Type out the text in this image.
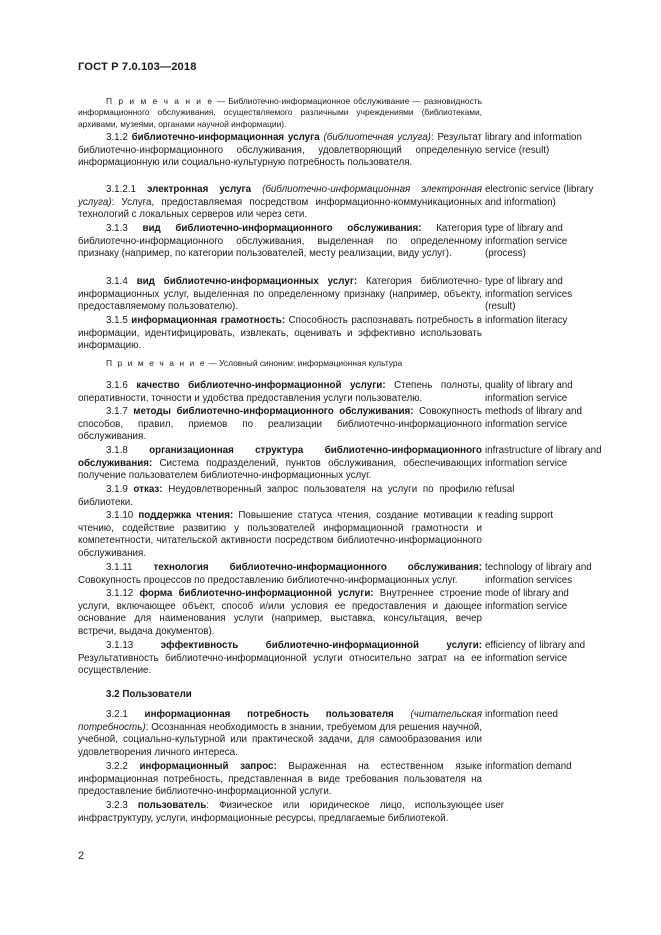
ГОСТ Р 7.0.103—2018
П р и м е ч а н и е — Библиотечно-информационное обслуживание — разновидность информационного обслуживания, осуществляемого различными учреждениями (библиотеками, архивами, музеями, органами научной информации).

3.1.2 библиотечно-информационная услуга (библиотечная услуга): Результат библиотечно-информационного обслуживания, удовлетворяющий определенную информационную или социально-культурную потребность пользователя.

library and information service (result)

3.1.2.1 электронная услуга (библиотечно-информационная электронная услуга): Услуга, предоставляемая посредством информационно-коммуникационных технологий с локальных серверов или через сети.

electronic service (library and information)

3.1.3 вид библиотечно-информационного обслуживания: Категория библиотечно-информационного обслуживания, выделенная по определенному признаку (например, по категории пользователей, месту реализации, виду услуг).

type of library and information service (process)

3.1.4 вид библиотечно-информационных услуг: Категория библиотечно-информационных услуг, выделенная по определенному признаку (например, объекту, предоставляемому пользователю).

type of library and information services (result)

3.1.5 информационная грамотность: Способность распознавать потребность в информации, идентифицировать, извлекать, оценивать и эффективно использовать информацию.

information literacy
П р и м е ч а н и е — Условный синоним: информационная культура

3.1.6 качество библиотечно-информационной услуги: Степень полноты, оперативности, точности и удобства предоставления услуги пользователю.

quality of library and information service

3.1.7 методы библиотечно-информационного обслуживания: Совокупность способов, правил, приемов по реализации библиотечно-информационного обслуживания.

methods of library and information service

3.1.8 организационная структура библиотечно-информационного обслуживания: Система подразделений, пунктов обслуживания, обеспечивающих получение пользователем библиотечно-информационных услуг.

infrastructure of library and information service

3.1.9 отказ: Неудовлетворенный запрос пользователя на услуги по профилю библиотеки.

refusal

3.1.10 поддержка чтения: Повышение статуса чтения, создание мотивации к чтению, содействие развитию у пользователей информационной грамотности и компетентности, читательской активности посредством библиотечно-информационного обслуживания.

reading support

3.1.11 технология библиотечно-информационного обслуживания: Совокупность процессов по предоставлению библиотечно-информационных услуг.

technology of library and information services

3.1.12 форма библиотечно-информационной услуги: Внутреннее строение услуги, включающее объект, способ и/или условия ее предоставления и дающее основание для наименования услуги (например, выставка, консультация, вечер встречи, выдача документов).

mode of library and information service

3.1.13 эффективность библиотечно-информационной услуги: Результативность библиотечно-информационной услуги относительно затрат на ее осуществление.

efficiency of library and information service
3.2 Пользователи

3.2.1 информационная потребность пользователя (читательская потребность): Осознанная необходимость в знании, требуемом для решения научной, учебной, социально-культурной или практической задачи, для самообразования или удовлетворения личного интереса.

information need

3.2.2 информационный запрос: Выраженная на естественном языке информационная потребность, представленная в виде требования пользователя на предоставление библиотечно-информационной услуги.

information demand

3.2.3 пользователь: Физическое или юридическое лицо, использующее инфраструктуру, услуги, информационные ресурсы, предлагаемые библиотекой.

user
2
